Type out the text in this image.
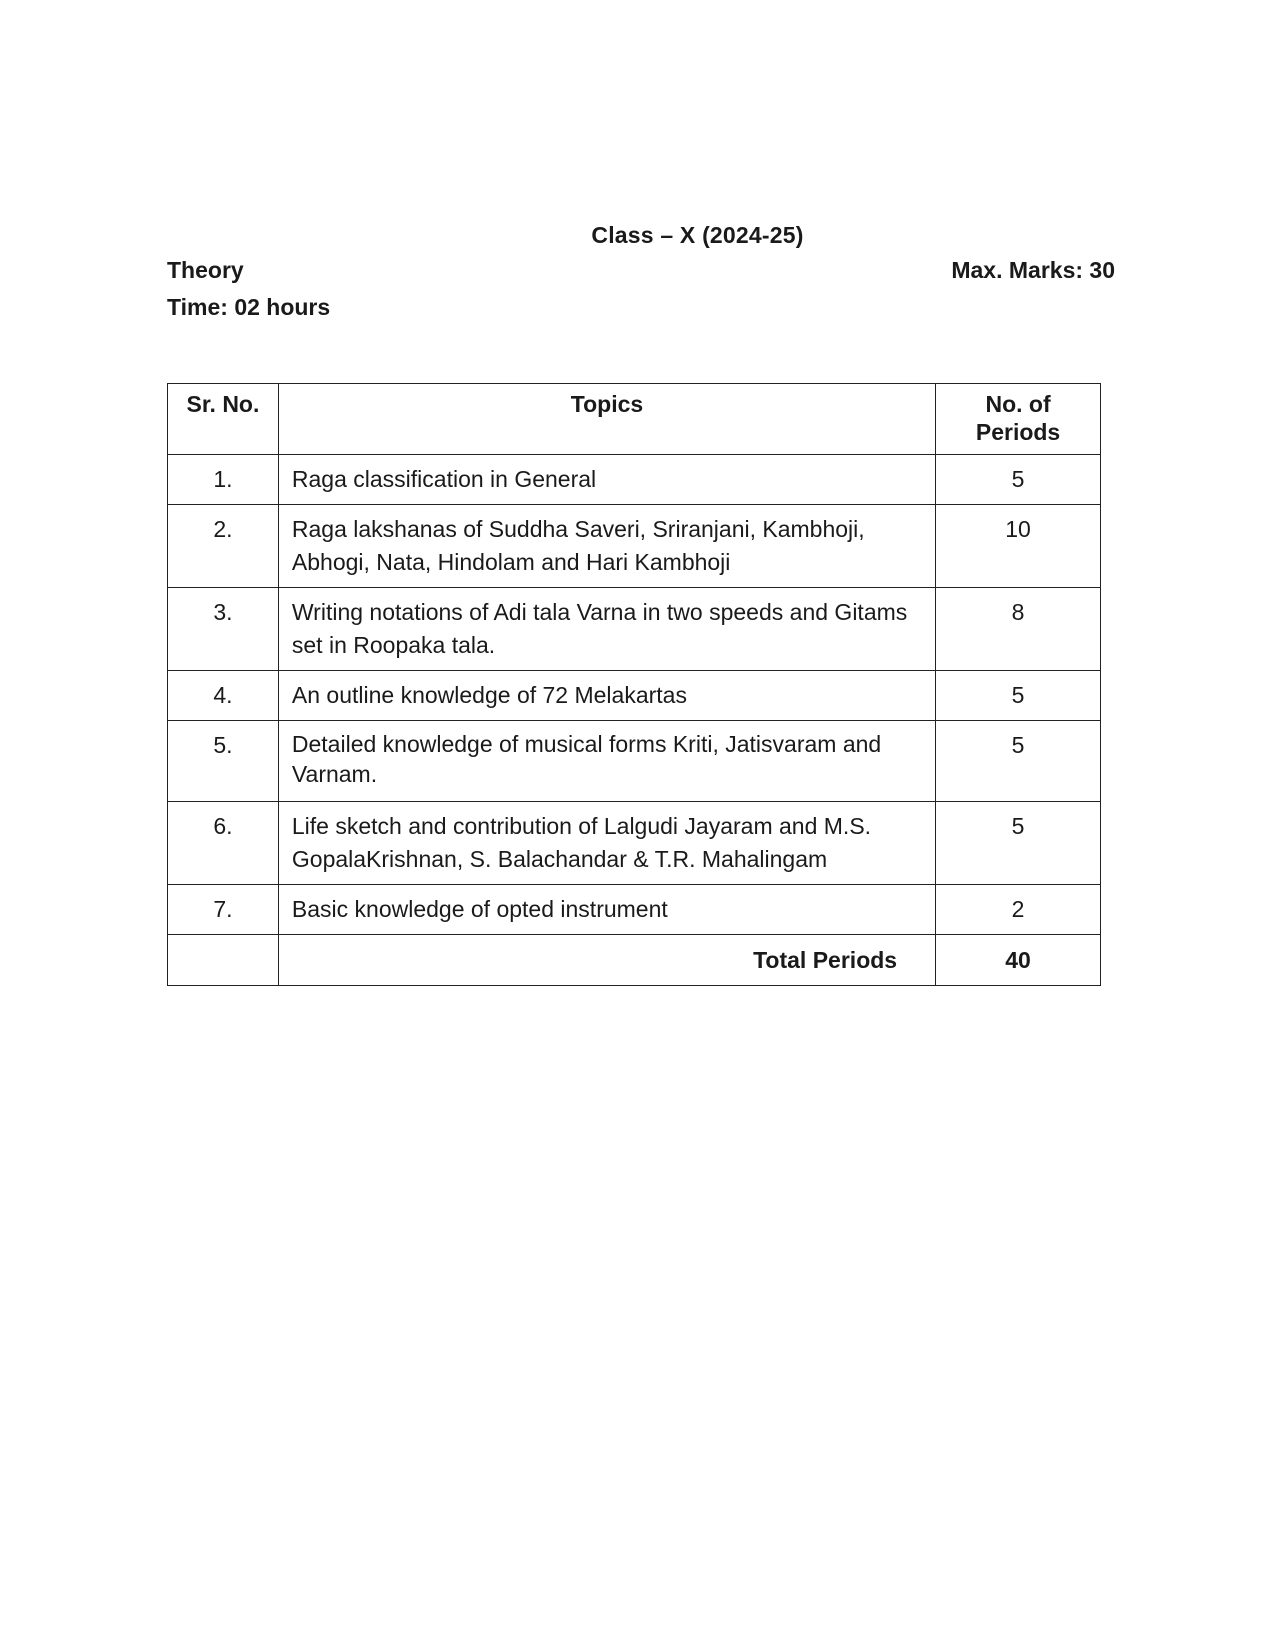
Class – X (2024-25)
Theory
Time: 02 hours
Max. Marks: 30
Sr. No.	Topics	No. of Periods
1.	Raga classification in General	5
2.	Raga lakshanas of Suddha Saveri, Sriranjani, Kambhoji, Abhogi, Nata, Hindolam and Hari Kambhoji	10
3.	Writing notations of Adi tala Varna in two speeds and Gitams set in Roopaka tala.	8
4.	An outline knowledge of 72 Melakartas	5
5.	Detailed knowledge of musical forms Kriti, Jatisvaram and Varnam.	5
6.	Life sketch and contribution of Lalgudi Jayaram and M.S. GopalaKrishnan, S. Balachandar & T.R. Mahalingam	5
7.	Basic knowledge of opted instrument	2
	Total Periods	40
